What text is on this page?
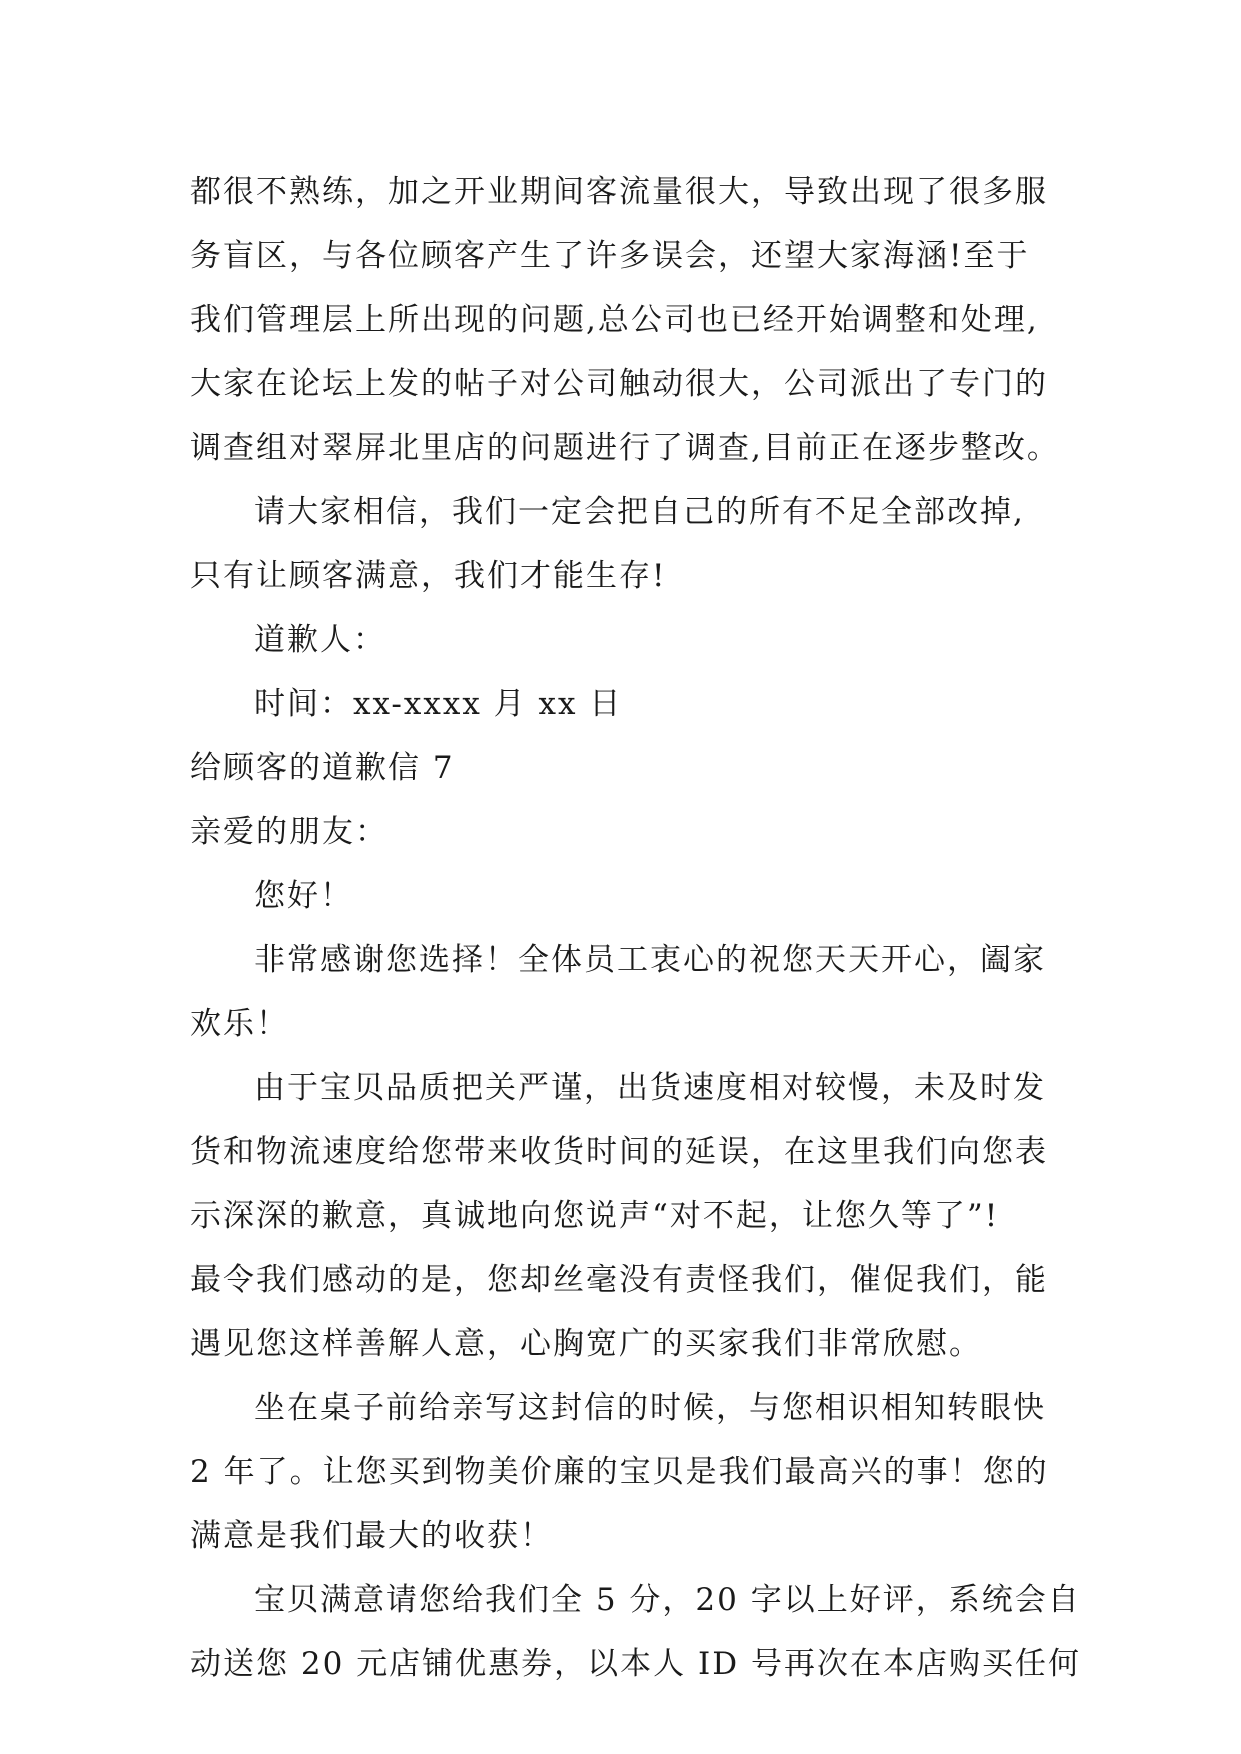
都很不熟练，加之开业期间客流量很大，导致出现了很多服
务盲区，与各位顾客产生了许多误会，还望大家海涵!至于
我们管理层上所出现的问题,总公司也已经开始调整和处理,
大家在论坛上发的帖子对公司触动很大，公司派出了专门的
调查组对翠屏北里店的问题进行了调查,目前正在逐步整改。
请大家相信，我们一定会把自己的所有不足全部改掉,
只有让顾客满意，我们才能生存!
道歉人：
时间：xx-xxxx 月 xx 日
给顾客的道歉信 7
亲爱的朋友：
您好！
非常感谢您选择！全体员工衷心的祝您天天开心，阖家
欢乐！
由于宝贝品质把关严谨，出货速度相对较慢，未及时发
货和物流速度给您带来收货时间的延误，在这里我们向您表
示深深的歉意，真诚地向您说声“对不起，让您久等了”!
最令我们感动的是，您却丝毫没有责怪我们，催促我们，能
遇见您这样善解人意，心胸宽广的买家我们非常欣慰。
坐在桌子前给亲写这封信的时候，与您相识相知转眼快
2 年了。让您买到物美价廉的宝贝是我们最高兴的事！您的
满意是我们最大的收获！
宝贝满意请您给我们全 5 分，20 字以上好评，系统会自
动送您 20 元店铺优惠券，以本人 ID 号再次在本店购买任何
